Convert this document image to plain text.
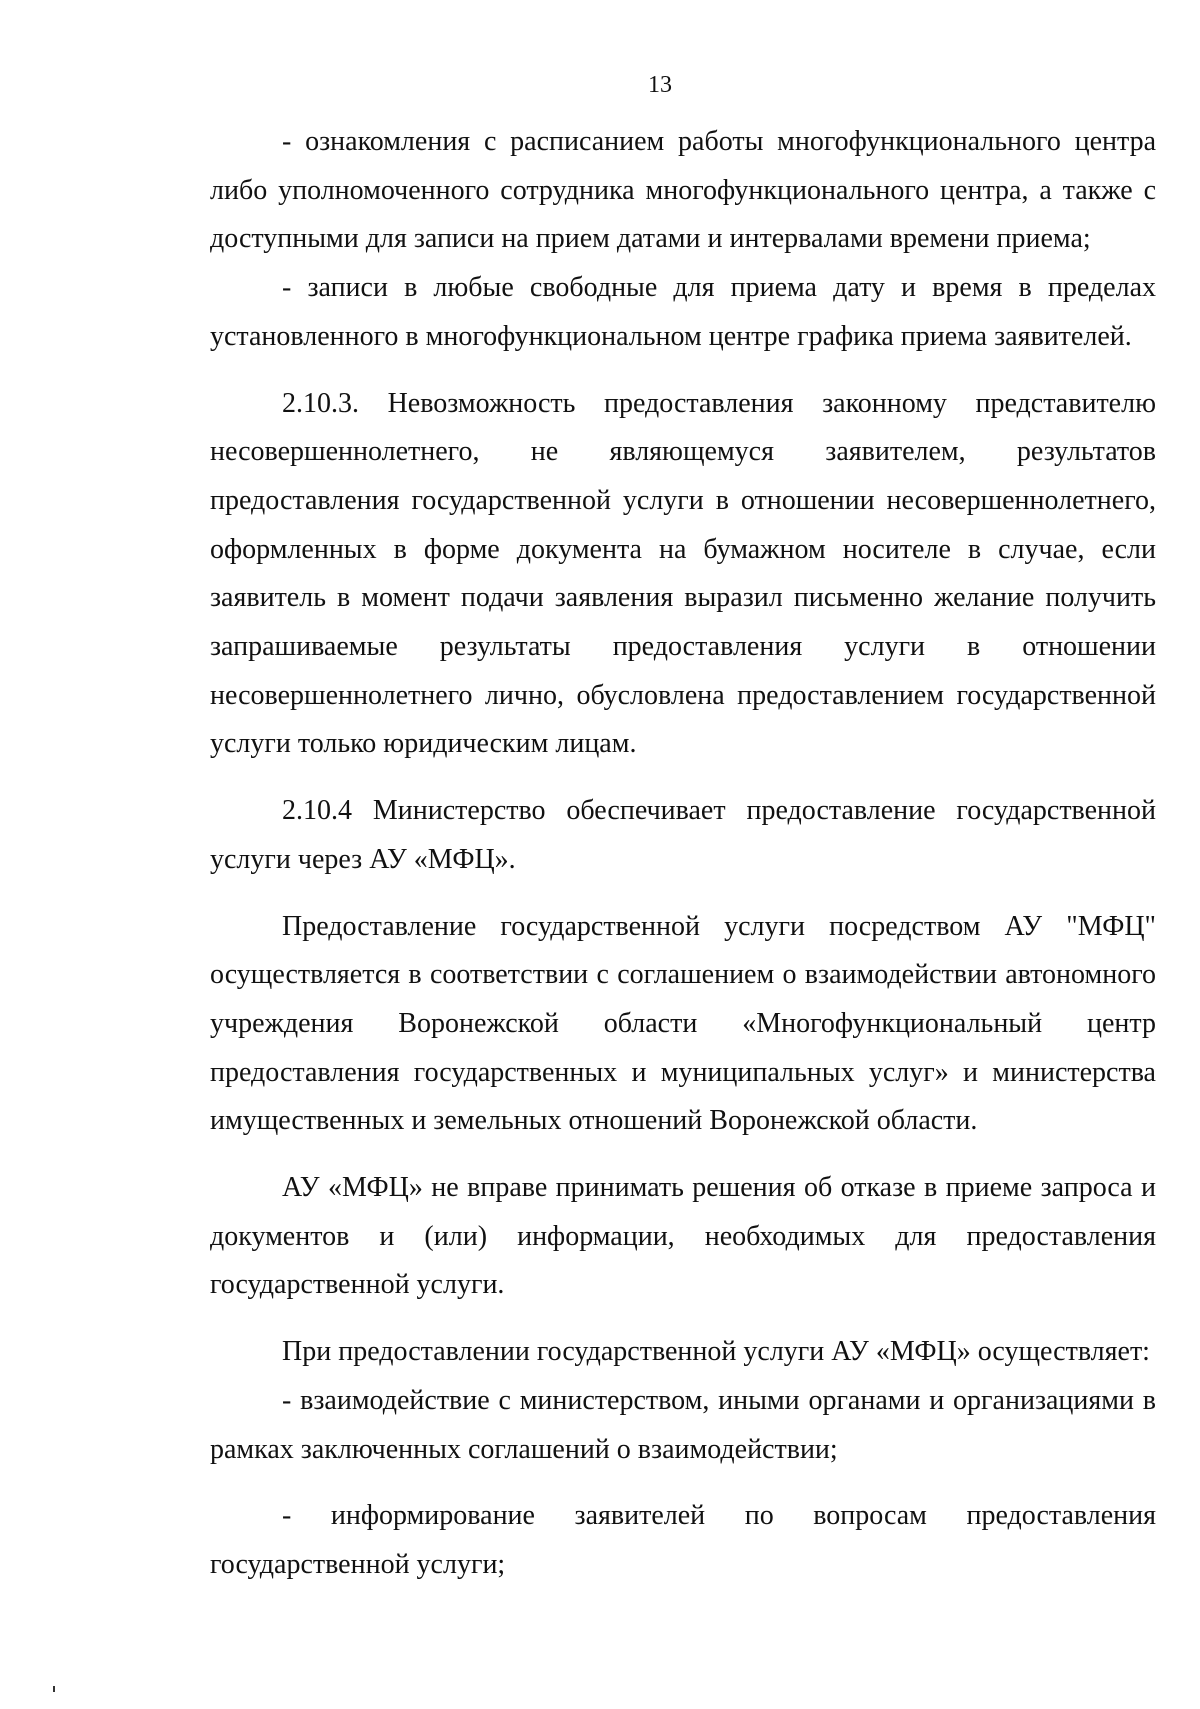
13

- ознакомления с расписанием работы многофункционального центра либо уполномоченного сотрудника многофункционального центра, а также с доступными для записи на прием датами и интервалами времени приема;

- записи в любые свободные для приема дату и время в пределах установленного в многофункциональном центре графика приема заявителей.

2.10.3. Невозможность предоставления законному представителю несовершеннолетнего, не являющемуся заявителем, результатов предоставления государственной услуги в отношении несовершеннолетнего, оформленных в форме документа на бумажном носителе в случае, если заявитель в момент подачи заявления выразил письменно желание получить запрашиваемые результаты предоставления услуги в отношении несовершеннолетнего лично, обусловлена предоставлением государственной услуги только юридическим лицам.

2.10.4 Министерство обеспечивает предоставление государственной услуги через АУ «МФЦ».

Предоставление государственной услуги посредством АУ "МФЦ" осуществляется в соответствии с соглашением о взаимодействии автономного учреждения Воронежской области «Многофункциональный центр предоставления государственных и муниципальных услуг» и министерства имущественных и земельных отношений Воронежской области.

АУ «МФЦ» не вправе принимать решения об отказе в приеме запроса и документов и (или) информации, необходимых для предоставления государственной услуги.

При предоставлении государственной услуги АУ «МФЦ» осуществляет:

- взаимодействие с министерством, иными органами и организациями в рамках заключенных соглашений о взаимодействии;

- информирование заявителей по вопросам предоставления государственной услуги;
